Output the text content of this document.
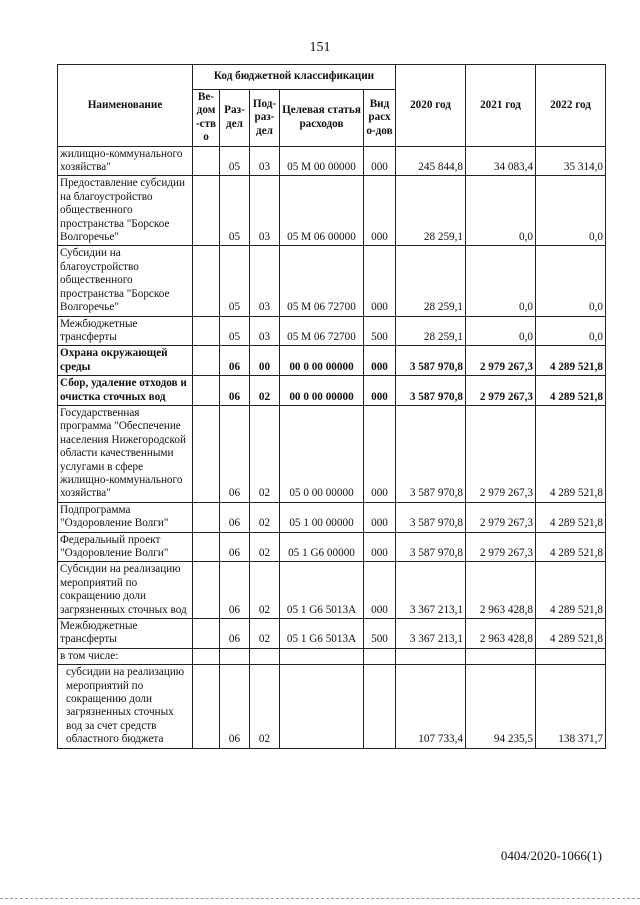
151
Наименование	Код бюджетной классификации					2020 год	2021 год	2022 год
	Ве-дом-ство	Раз-дел	Под-раз-дел	Целевая статья расходов	Вид расхо-дов			
жилищно-коммунального хозяйства"		05	03	05 М 00 00000	000	245 844,8	34 083,4	35 314,0
Предоставление субсидии на благоустройство общественного пространства "Борское Волгоречье"		05	03	05 М 06 00000	000	28 259,1	0,0	0,0
Субсидии на благоустройство общественного пространства "Борское Волгоречье"		05	03	05 М 06 72700	000	28 259,1	0,0	0,0
Межбюджетные трансферты		05	03	05 М 06 72700	500	28 259,1	0,0	0,0
Охрана окружающей среды		06	00	00 0 00 00000	000	3 587 970,8	2 979 267,3	4 289 521,8
Сбор, удаление отходов и очистка сточных вод		06	02	00 0 00 00000	000	3 587 970,8	2 979 267,3	4 289 521,8
Государственная программа "Обеспечение населения Нижегородской области качественными услугами в сфере жилищно-коммунального хозяйства"		06	02	05 0 00 00000	000	3 587 970,8	2 979 267,3	4 289 521,8
Подпрограмма "Оздоровление Волги"		06	02	05 1 00 00000	000	3 587 970,8	2 979 267,3	4 289 521,8
Федеральный проект "Оздоровление Волги"		06	02	05 1 G6 00000	000	3 587 970,8	2 979 267,3	4 289 521,8
Субсидии на реализацию мероприятий по сокращению доли загрязненных сточных вод		06	02	05 1 G6 5013A	000	3 367 213,1	2 963 428,8	4 289 521,8
Межбюджетные трансферты		06	02	05 1 G6 5013A	500	3 367 213,1	2 963 428,8	4 289 521,8
в том числе:								
субсидии на реализацию мероприятий по сокращению доли загрязненных сточных вод за счет средств областного бюджета		06	02			107 733,4	94 235,5	138 371,7
0404/2020-1066(1)
